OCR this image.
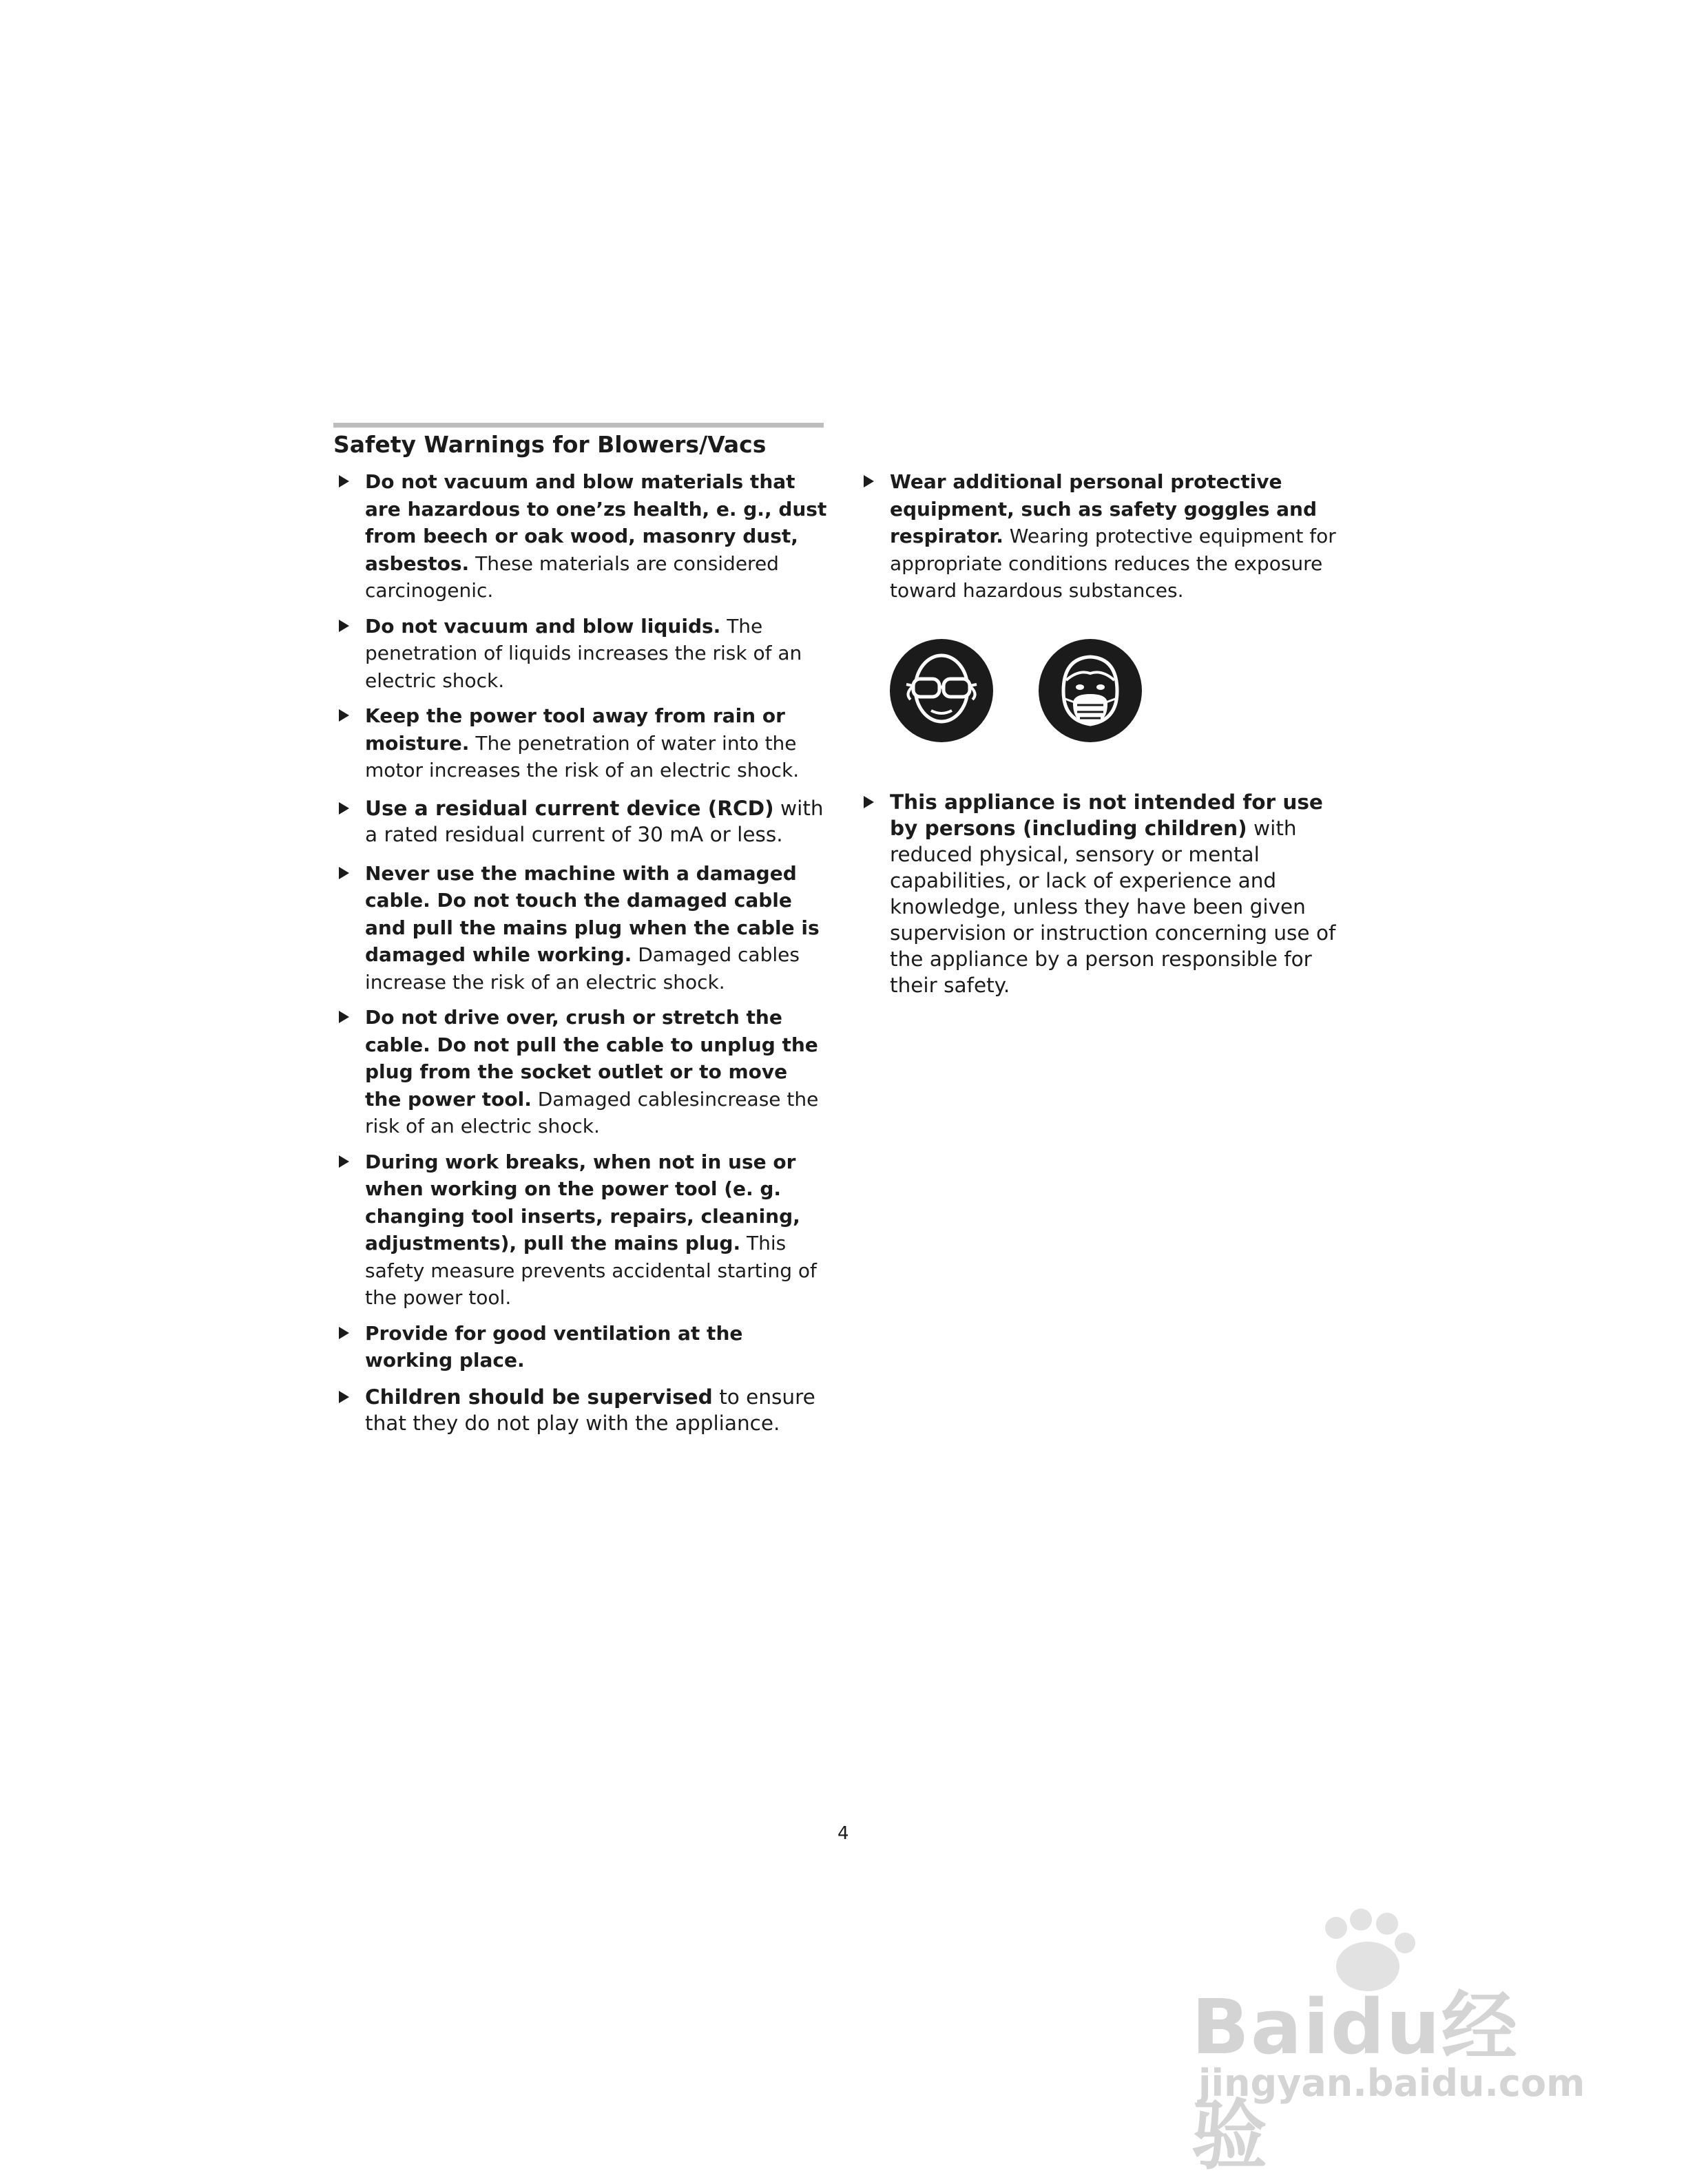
Safety Warnings for Blowers/Vacs
Do not vacuum and blow materials that are hazardous to one’zs health, e. g., dust from beech or oak wood, masonry dust, asbestos. These materials are considered carcinogenic.
Do not vacuum and blow liquids. The penetration of liquids increases the risk of an electric shock.
Keep the power tool away from rain or moisture. The penetration of water into the motor increases the risk of an electric shock.
Use a residual current device (RCD) with a rated residual current of 30 mA or less.
Never use the machine with a damaged cable. Do not touch the damaged cable and pull the mains plug when the cable is damaged while working. Damaged cables increase the risk of an electric shock.
Do not drive over, crush or stretch the cable. Do not pull the cable to unplug the plug from the socket outlet or to move the power tool. Damaged cablesincrease the risk of an electric shock.
During work breaks, when not in use or when working on the power tool (e. g. changing tool inserts, repairs, cleaning, adjustments), pull the mains plug. This safety measure prevents accidental starting of the power tool.
Provide for good ventilation at the working place.
Children should be supervised to ensure that they do not play with the appliance.
Wear additional personal protective equipment, such as safety goggles and respirator. Wearing protective equipment for appropriate conditions reduces the exposure toward hazardous substances.
This appliance is not intended for use by persons (including children) with reduced physical, sensory or mental capabilities, or lack of experience and knowledge, unless they have been given supervision or instruction concerning use of the appliance by a person responsible for their safety.
4
Baidu经验
jingyan.baidu.com
